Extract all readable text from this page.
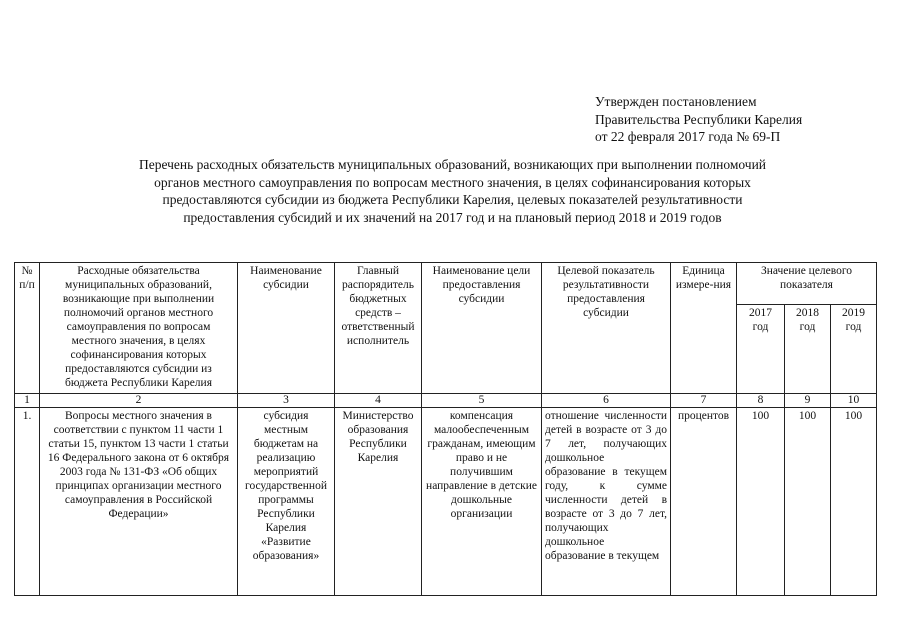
Утвержден постановлением
Правительства Республики Карелия
от 22 февраля 2017 года № 69-П
Перечень расходных обязательств муниципальных образований, возникающих при выполнении полномочий
органов местного самоуправления по вопросам местного значения, в целях софинансирования которых
предоставляются субсидии из бюджета Республики Карелия, целевых показателей результативности
предоставления субсидий и их значений на 2017 год и на плановый период 2018 и 2019 годов
№ п/п	Расходные обязательства муниципальных образований, возникающие при выполнении полномочий органов местного самоуправления по вопросам местного значения, в целях софинансирования которых предоставляются субсидии из бюджета Республики Карелия	Наименование субсидии	Главный распорядитель бюджетных средств – ответственный исполнитель	Наименование цели предоставления субсидии	Целевой показатель результативности предоставления субсидии	Единица измере-ния	Значение целевого показателя		
							2017 год	2018 год	2019 год
1	2	3	4	5	6	7	8	9	10
1.	Вопросы местного значения в соответствии с пунктом 11 части 1 статьи 15, пунктом 13 части 1 статьи 16 Федерального закона от 6 октября 2003 года № 131-ФЗ «Об общих принципах организации местного самоуправления в Российской Федерации»	субсидия местным бюджетам на реализацию мероприятий государственной программы Республики Карелия «Развитие образования»	Министерство образования Республики Карелия	компенсация малообеспеченным гражданам, имеющим право и не получившим направление в детские дошкольные организации	отношение численности детей в возрасте от 3 до 7 лет, получающих дошкольное образование в текущем году, к сумме численности детей в возрасте от 3 до 7 лет, получающих дошкольное образование в текущем	процентов	100	100	100
